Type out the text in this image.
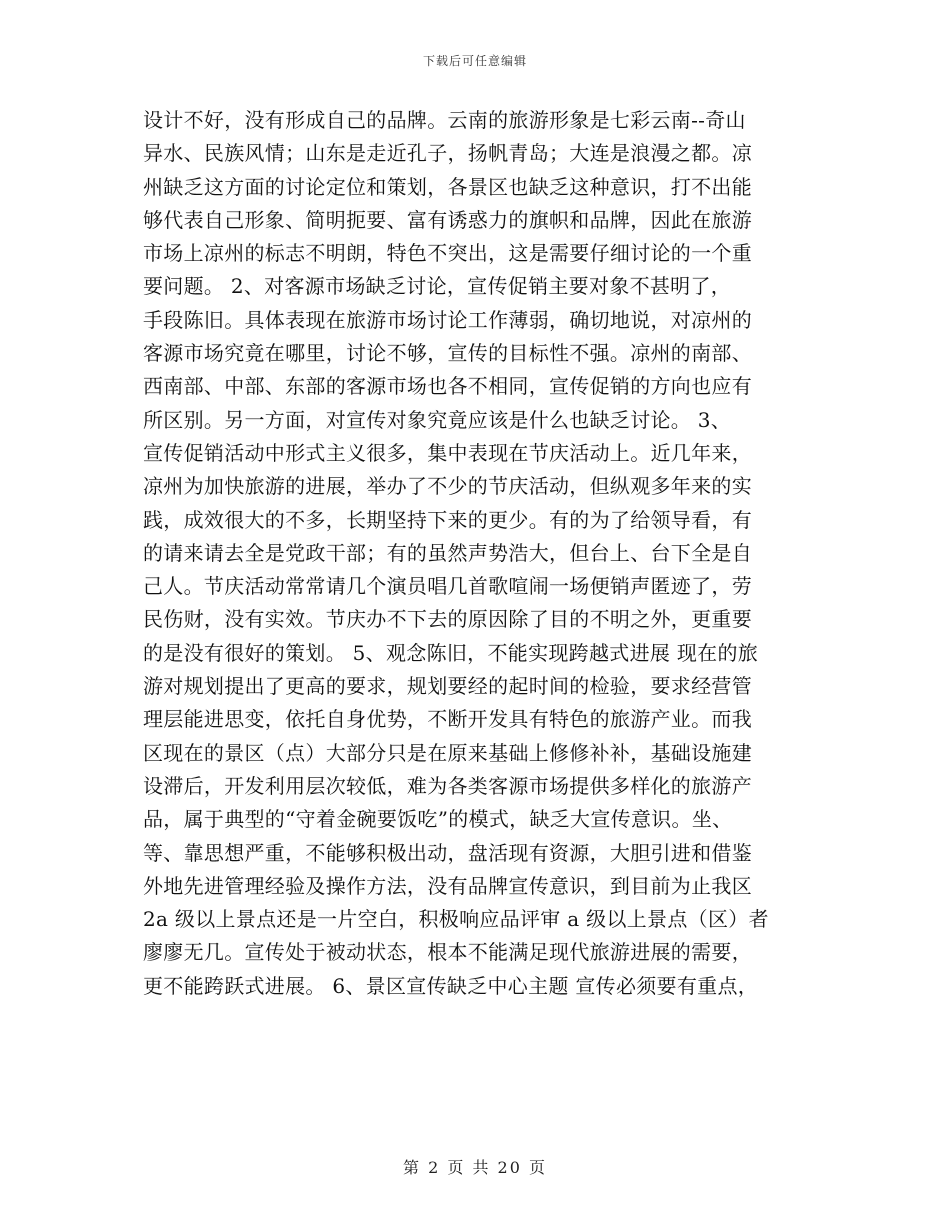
下载后可任意编辑
设计不好，没有形成自己的品牌。云南的旅游形象是七彩云南--奇山
异水、民族风情；山东是走近孔子，扬帆青岛；大连是浪漫之都。凉
州缺乏这方面的讨论定位和策划，各景区也缺乏这种意识，打不出能
够代表自己形象、简明扼要、富有诱惑力的旗帜和品牌，因此在旅游
市场上凉州的标志不明朗，特色不突出，这是需要仔细讨论的一个重
要问题。 2、对客源市场缺乏讨论，宣传促销主要对象不甚明了，
手段陈旧。具体表现在旅游市场讨论工作薄弱，确切地说，对凉州的
客源市场究竟在哪里，讨论不够，宣传的目标性不强。凉州的南部、
西南部、中部、东部的客源市场也各不相同，宣传促销的方向也应有
所区别。另一方面，对宣传对象究竟应该是什么也缺乏讨论。 3、
宣传促销活动中形式主义很多，集中表现在节庆活动上。近几年来，
凉州为加快旅游的进展，举办了不少的节庆活动，但纵观多年来的实
践，成效很大的不多，长期坚持下来的更少。有的为了给领导看，有
的请来请去全是党政干部；有的虽然声势浩大，但台上、台下全是自
己人。节庆活动常常请几个演员唱几首歌喧闹一场便销声匿迹了，劳
民伤财，没有实效。节庆办不下去的原因除了目的不明之外，更重要
的是没有很好的策划。 5、观念陈旧，不能实现跨越式进展 现在的旅
游对规划提出了更高的要求，规划要经的起时间的检验，要求经营管
理层能进思变，依托自身优势，不断开发具有特色的旅游产业。而我
区现在的景区（点）大部分只是在原来基础上修修补补，基础设施建
设滞后，开发利用层次较低，难为各类客源市场提供多样化的旅游产
品，属于典型的“守着金碗要饭吃”的模式，缺乏大宣传意识。坐、
等、靠思想严重，不能够积极出动，盘活现有资源，大胆引进和借鉴
外地先进管理经验及操作方法，没有品牌宣传意识，到目前为止我区
2a 级以上景点还是一片空白，积极响应品评审 a 级以上景点（区）者
廖廖无几。宣传处于被动状态，根本不能满足现代旅游进展的需要，
更不能跨跃式进展。 6、景区宣传缺乏中心主题 宣传必须要有重点，
第 2 页 共 20 页
